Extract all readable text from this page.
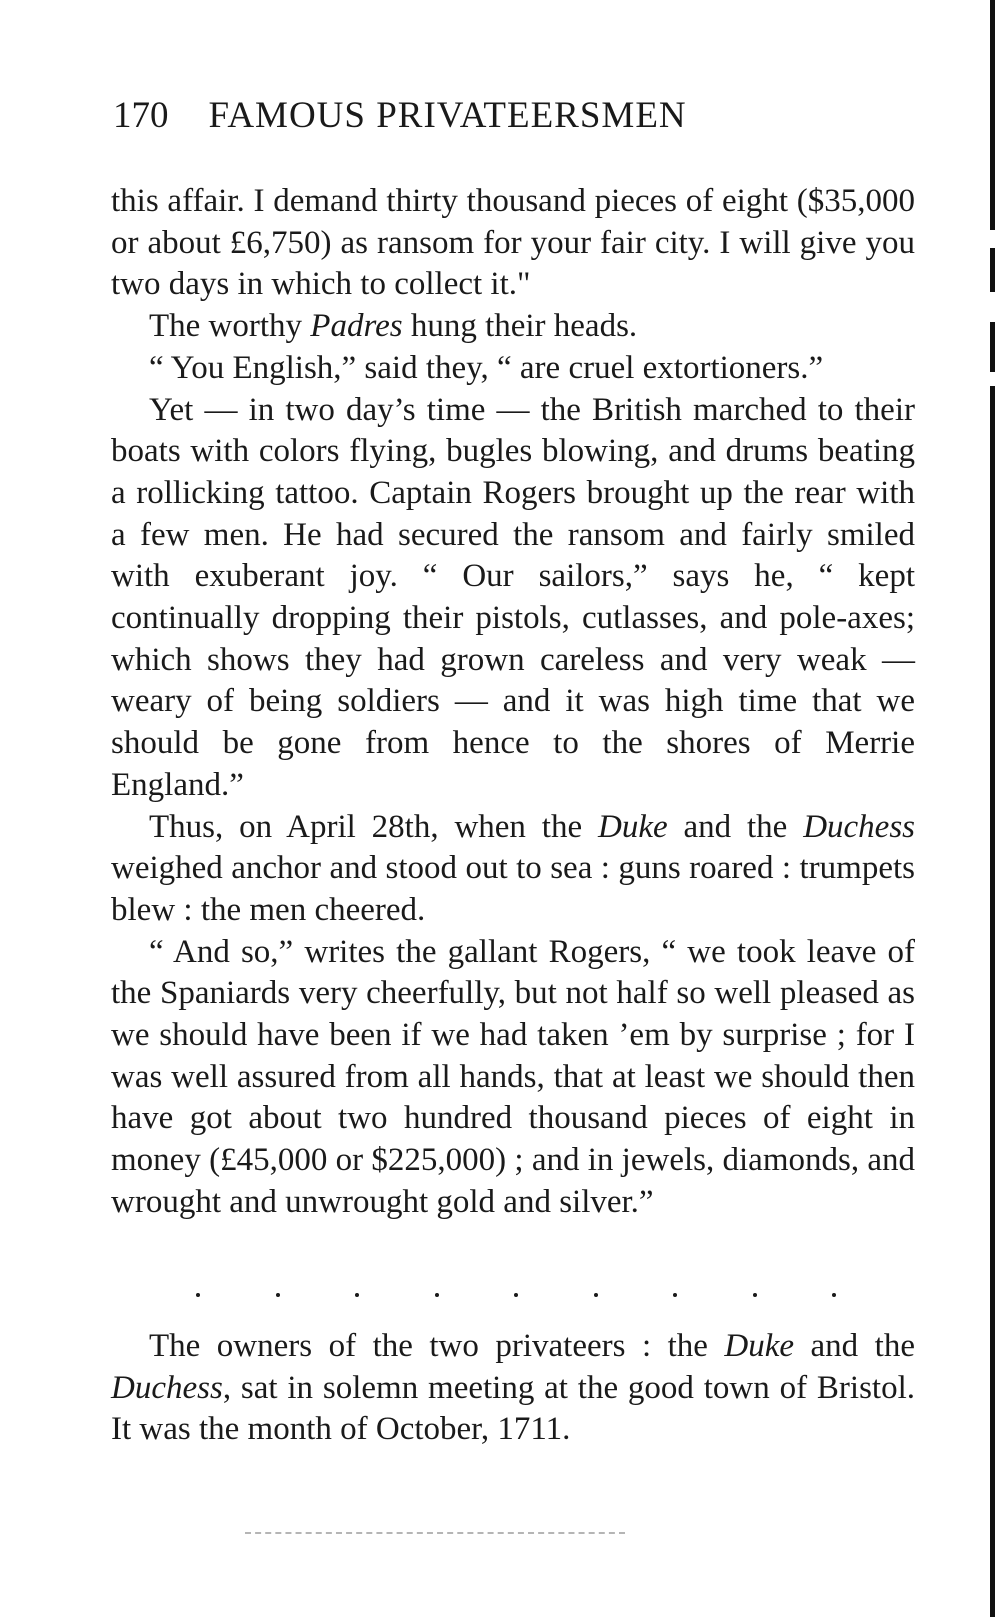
170 FAMOUS PRIVATEERSMEN

this affair. I demand thirty thousand pieces of eight ($35,000 or about £6,750) as ransom for your fair city. I will give you two days in which to collect it."

The worthy Padres hung their heads.

“ You English,” said they, “ are cruel extortioners.”

Yet — in two day’s time — the British marched to their boats with colors flying, bugles blowing, and drums beating a rollicking tattoo. Captain Rogers brought up the rear with a few men. He had secured the ransom and fairly smiled with exuberant joy. “ Our sailors,” says he, “ kept continually dropping their pistols, cutlasses, and pole-axes; which shows they had grown careless and very weak — weary of being soldiers — and it was high time that we should be gone from hence to the shores of Merrie England.”

Thus, on April 28th, when the Duke and the Duchess weighed anchor and stood out to sea : guns roared : trumpets blew : the men cheered.

“ And so,” writes the gallant Rogers, “ we took leave of the Spaniards very cheerfully, but not half so well pleased as we should have been if we had taken ’em by surprise ; for I was well assured from all hands, that at least we should then have got about two hundred thousand pieces of eight in money (£45,000 or $225,000) ; and in jewels, diamonds, and wrought and unwrought gold and silver.”

The owners of the two privateers : the Duke and the Duchess, sat in solemn meeting at the good town of Bristol. It was the month of October, 1711.
